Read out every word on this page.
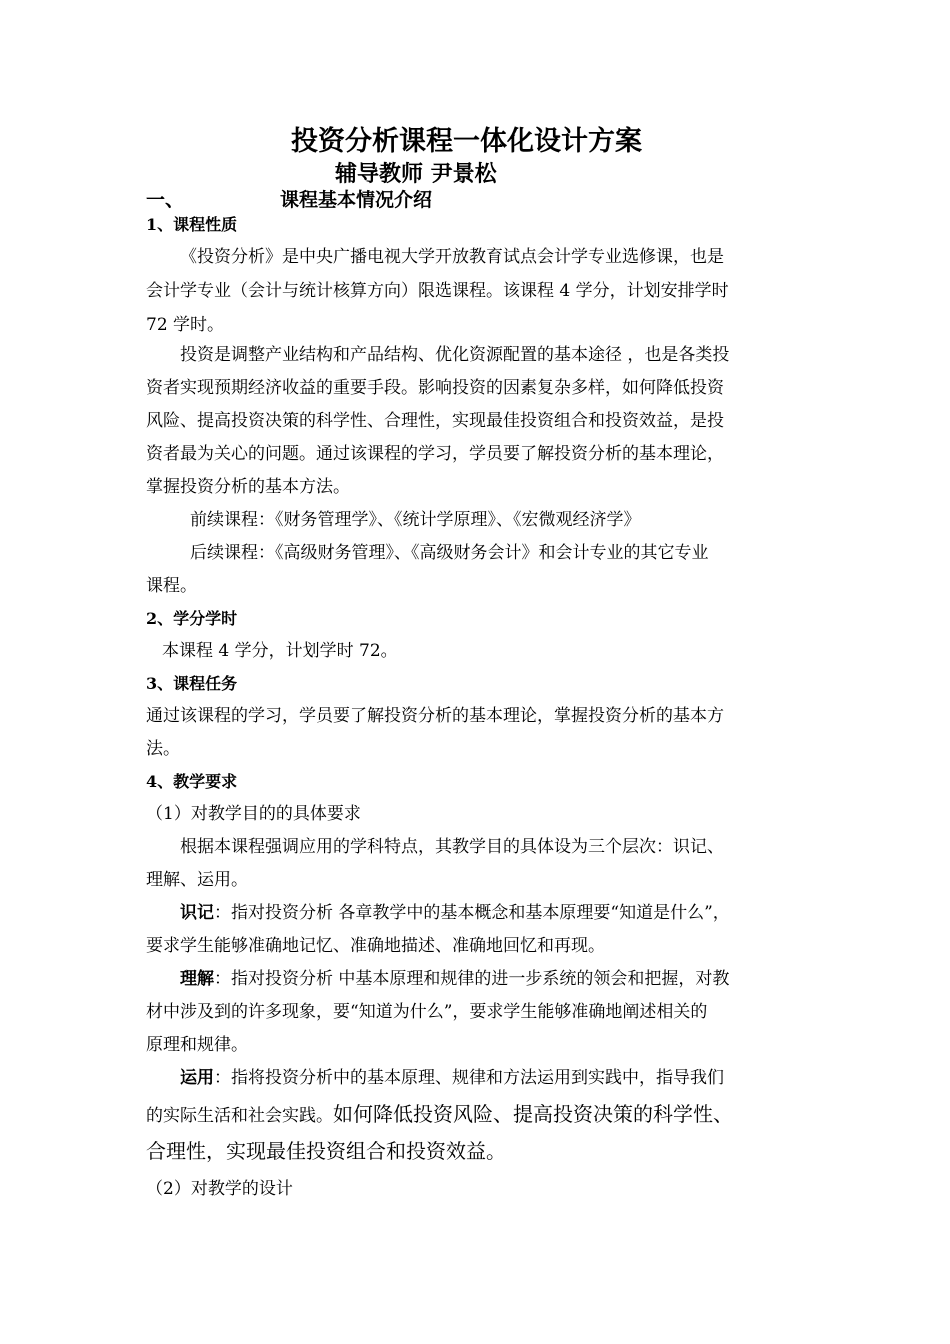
投资分析课程一体化设计方案
辅导教师 尹景松
一、	课程基本情况介绍
1、课程性质
《投资分析》是中央广播电视大学开放教育试点会计学专业选修课，也是
会计学专业（会计与统计核算方向）限选课程。该课程 4 学分，计划安排学时
72 学时。
投资是调整产业结构和产品结构、优化资源配置的基本途径 ，也是各类投
资者实现预期经济收益的重要手段。影响投资的因素复杂多样，如何降低投资
风险、提高投资决策的科学性、合理性，实现最佳投资组合和投资效益，是投
资者最为关心的问题。通过该课程的学习，学员要了解投资分析的基本理论，
掌握投资分析的基本方法。
前续课程：《财务管理学》、《统计学原理》、《宏微观经济学》
后续课程：《高级财务管理》、《高级财务会计》和会计专业的其它专业
课程。
2、学分学时
本课程 4 学分，计划学时 72。
3、课程任务
通过该课程的学习，学员要了解投资分析的基本理论，掌握投资分析的基本方
法。
4、教学要求
（1）对教学目的的具体要求
根据本课程强调应用的学科特点，其教学目的具体设为三个层次：识记、
理解、运用。
识记：指对投资分析 各章教学中的基本概念和基本原理要“知道是什么”，
要求学生能够准确地记忆、准确地描述、准确地回忆和再现。
理解：指对投资分析 中基本原理和规律的进一步系统的领会和把握，对教
材中涉及到的许多现象，要“知道为什么”，要求学生能够准确地阐述相关的
原理和规律。
运用：指将投资分析中的基本原理、规律和方法运用到实践中，指导我们
的实际生活和社会实践。如何降低投资风险、提高投资决策的科学性、
合理性，实现最佳投资组合和投资效益。
（2）对教学的设计
